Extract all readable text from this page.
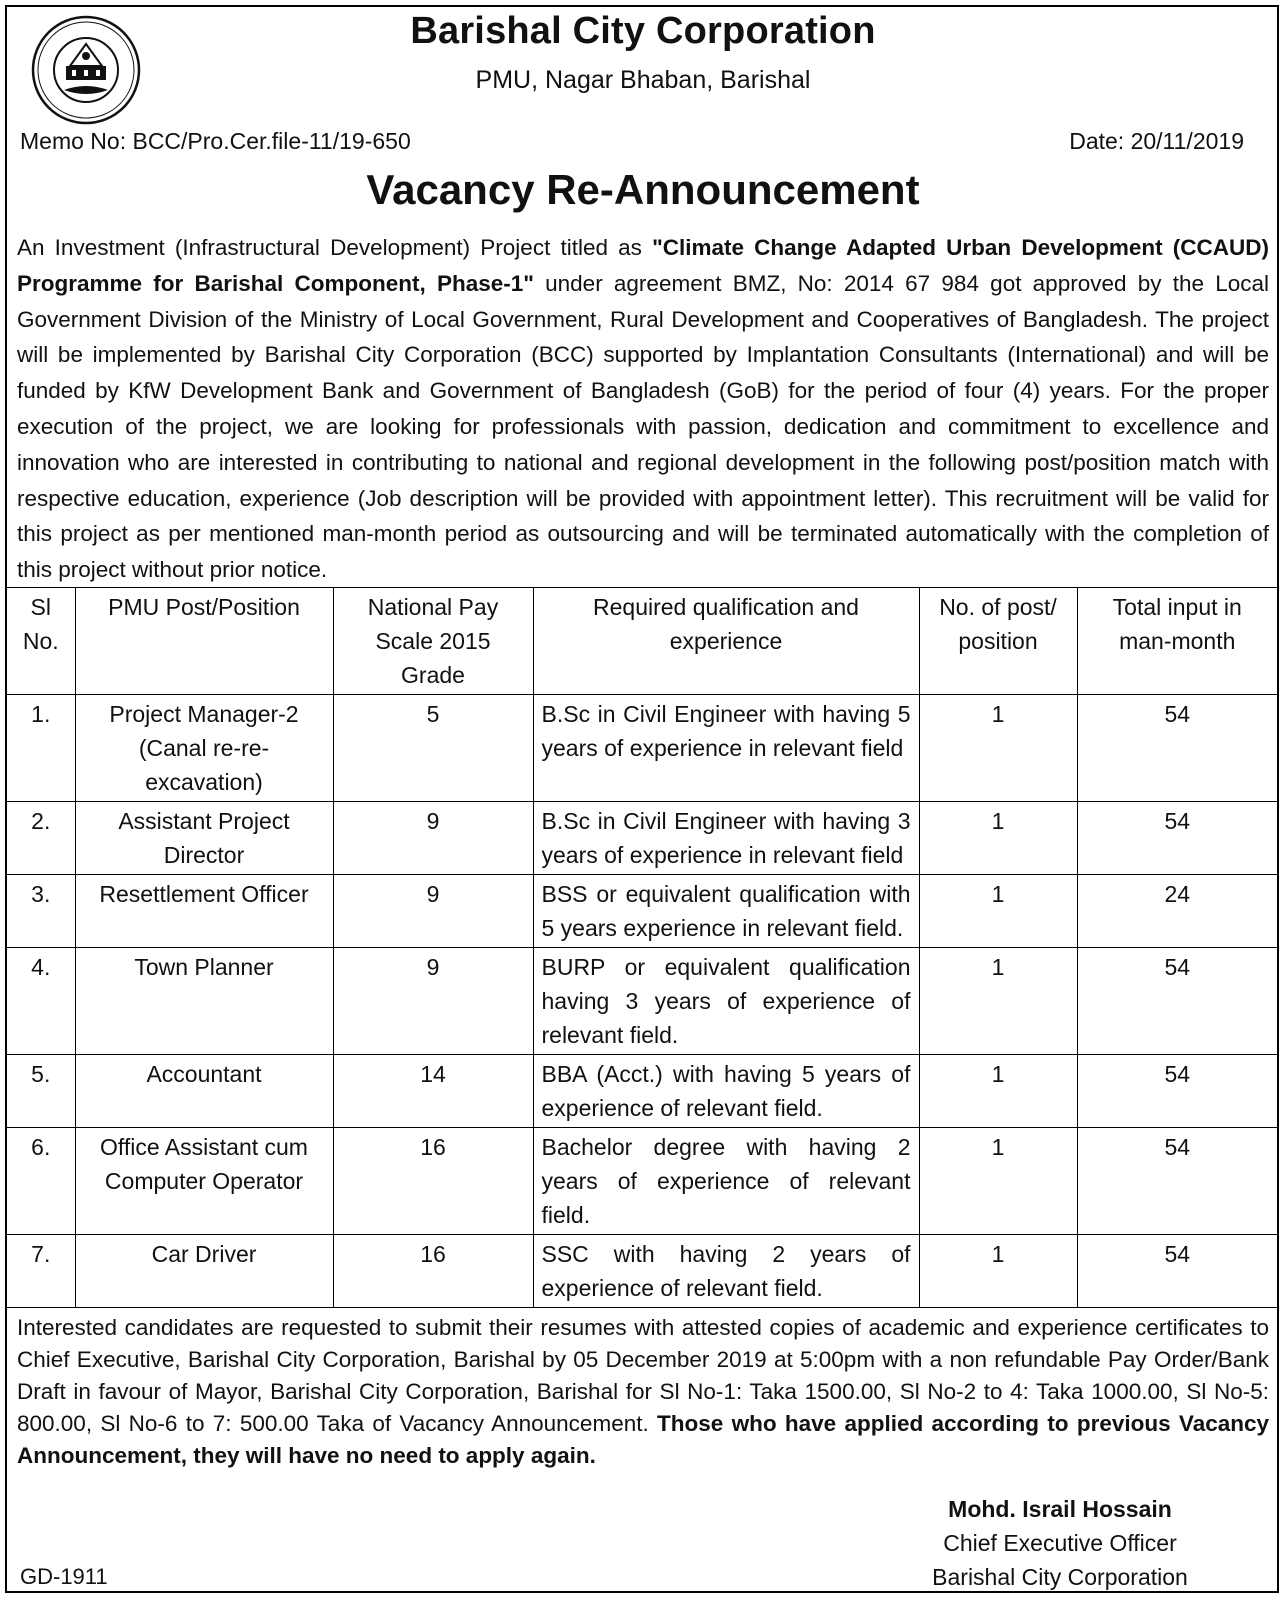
Barishal City Corporation
PMU, Nagar Bhaban, Barishal
Memo No: BCC/Pro.Cer.file-11/19-650	Date: 20/11/2019
Vacancy Re-Announcement

An Investment (Infrastructural Development) Project titled as "Climate Change Adapted Urban Development (CCAUD) Programme for Barishal Component, Phase-1" under agreement BMZ, No: 2014 67 984 got approved by the Local Government Division of the Ministry of Local Government, Rural Development and Cooperatives of Bangladesh. The project will be implemented by Barishal City Corporation (BCC) supported by Implantation Consultants (International) and will be funded by KfW Development Bank and Government of Bangladesh (GoB) for the period of four (4) years. For the proper execution of the project, we are looking for professionals with passion, dedication and commitment to excellence and innovation who are interested in contributing to national and regional development in the following post/position match with respective education, experience (Job description will be provided with appointment letter). This recruitment will be valid for this project as per mentioned man-month period as outsourcing and will be terminated automatically with the completion of this project without prior notice.

Sl No.	PMU Post/Position	National Pay Scale 2015 Grade	Required qualification and experience	No. of post/ position	Total input in man-month
1.	Project Manager-2 (Canal re-re-excavation)	5	B.Sc in Civil Engineer with having 5 years of experience in relevant field	1	54
2.	Assistant Project Director	9	B.Sc in Civil Engineer with having 3 years of experience in relevant field	1	54
3.	Resettlement Officer	9	BSS or equivalent qualification with 5 years experience in relevant field.	1	24
4.	Town Planner	9	BURP or equivalent qualification having 3 years of experience of relevant field.	1	54
5.	Accountant	14	BBA (Acct.) with having 5 years of experience of relevant field.	1	54
6.	Office Assistant cum Computer Operator	16	Bachelor degree with having 2 years of experience of relevant field.	1	54
7.	Car Driver	16	SSC with having 2 years of experience of relevant field.	1	54

Interested candidates are requested to submit their resumes with attested copies of academic and experience certificates to Chief Executive, Barishal City Corporation, Barishal by 05 December 2019 at 5:00pm with a non refundable Pay Order/Bank Draft in favour of Mayor, Barishal City Corporation, Barishal for Sl No-1: Taka 1500.00, Sl No-2 to 4: Taka 1000.00, Sl No-5: 800.00, Sl No-6 to 7: 500.00 Taka of Vacancy Announcement. Those who have applied according to previous Vacancy Announcement, they will have no need to apply again.

Mohd. Israil Hossain
Chief Executive Officer
Barishal City Corporation
GD-1911
